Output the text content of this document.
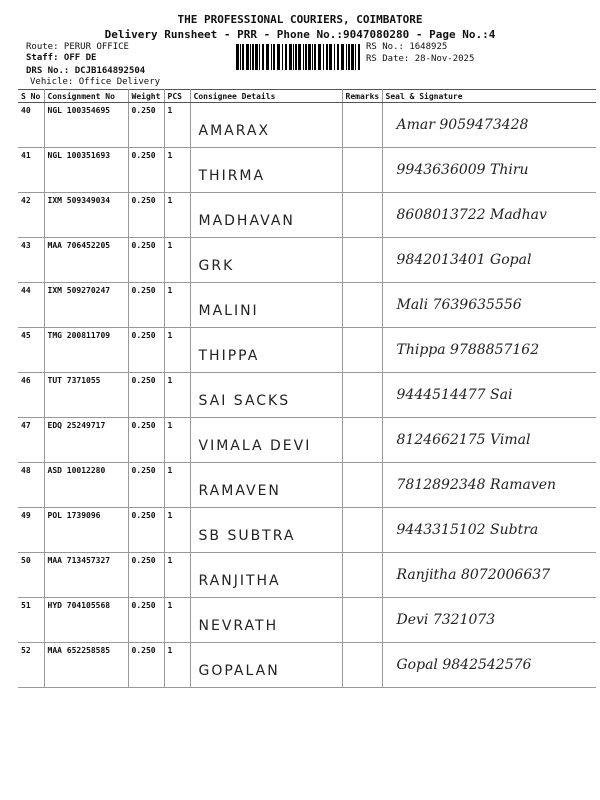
THE PROFESSIONAL COURIERS, COIMBATORE
Delivery Runsheet - PRR - Phone No.:9047080280 - Page No.:4
Route: PERUR OFFICE
Staff: OFF DE
DRS No.: DCJB164892504
Vehicle: Office Delivery
RS No.: 1648925
RS Date: 28-Nov-2025
S No	Consignment No	Weight	PCS	Consignee Details	Remarks	Seal & Signature
40	NGL 100354695	0.250	1	AMARAX		Amar 9059473428

41	NGL 100351693	0.250	1	THIRMA		9943636009 Thiru

42	IXM 509349034	0.250	1	MADHAVAN		8608013722 Madhav

43	MAA 706452205	0.250	1	GRK		9842013401 Gopal

44	IXM 509270247	0.250	1	MALINI		Mali 7639635556

45	TMG 200811709	0.250	1	THIPPA		Thippa 9788857162

46	TUT 7371055	0.250	1	SAI SACKS		9444514477 Sai

47	EDQ 25249717	0.250	1	VIMALA DEVI		8124662175 Vimal

48	ASD 10012280	0.250	1	RAMAVEN		7812892348 Ramaven

49	POL 1739096	0.250	1	SB SUBTRA		9443315102 Subtra

50	MAA 713457327	0.250	1	RANJITHA		Ranjitha 8072006637

51	HYD 704105568	0.250	1	NEVRATH		Devi 7321073

52	MAA 652258585	0.250	1	GOPALAN		Gopal 9842542576
